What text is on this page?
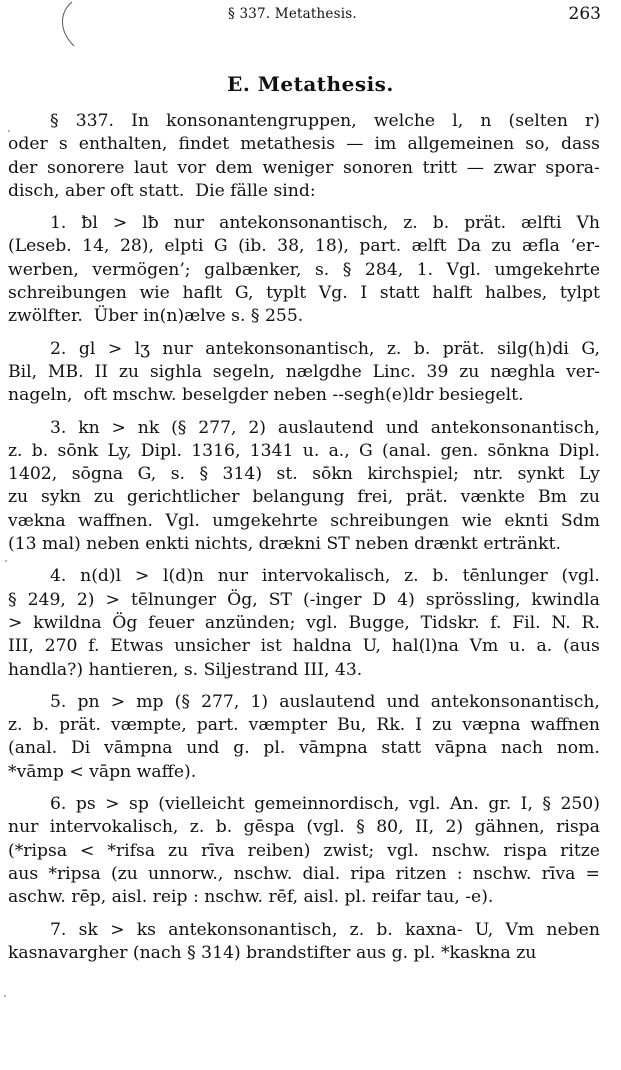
§ 337. Metathesis.	263
E. Metathesis.
§ 337. In konsonantengruppen, welche l, n (selten r)
oder s enthalten, findet metathesis — im allgemeinen so, dass
der sonorere laut vor dem weniger sonoren tritt — zwar spora-
disch, aber oft statt.  Die fälle sind:
1. ƀl > lƀ nur antekonsonantisch, z. b. prät. ælfti Vh
(Leseb. 14, 28), elpti G (ib. 38, 18), part. ælft Da zu æfla ‘er-
werben, vermögen’; galbænker, s. § 284, 1. Vgl. umgekehrte
schreibungen wie haflt G, typlt Vg. I statt halft halbes, tylpt
zwölfter.  Über in(n)ælve s. § 255.
2. gl > lʒ nur antekonsonantisch, z. b. prät. silg(h)di G,
Bil, MB. II zu sighla segeln, nælgdhe Linc. 39 zu næghla ver-
nageln,  oft mschw. beselgder neben --segh(e)ldr besiegelt.
3. kn > nk (§ 277, 2) auslautend und antekonsonantisch,
z. b. sōnk Ly, Dipl. 1316, 1341 u. a., G (anal. gen. sōnkna Dipl.
1402, sōgna G, s. § 314) st. sōkn kirchspiel; ntr. synkt Ly
zu sykn zu gerichtlicher belangung frei, prät. vænkte Bm zu
vækna waffnen. Vgl. umgekehrte schreibungen wie eknti Sdm
(13 mal) neben enkti nichts, drækni ST neben drænkt ertränkt.
4. n(d)l > l(d)n nur intervokalisch, z. b. tēnlunger (vgl.
§ 249, 2) > tēlnunger Ög, ST (-inger D 4) sprössling, kwindla
> kwildna Ög feuer anzünden; vgl. Bugge, Tidskr. f. Fil. N. R.
III, 270 f. Etwas unsicher ist haldna U, hal(l)na Vm u. a. (aus
handla?) hantieren, s. Siljestrand III, 43.
5. pn > mp (§ 277, 1) auslautend und antekonsonantisch,
z. b. prät. væmpte, part. væmpter Bu, Rk. I zu væpna waffnen
(anal. Di vāmpna und g. pl. vāmpna statt vāpna nach nom.
*vāmp < vāpn waffe).
6. ps > sp (vielleicht gemeinnordisch, vgl. An. gr. I, § 250)
nur intervokalisch, z. b. gēspa (vgl. § 80, II, 2) gähnen, rispa
(*ripsa < *rifsa zu rīva reiben) zwist; vgl. nschw. rispa ritze
aus *ripsa (zu unnorw., nschw. dial. ripa ritzen : nschw. rīva =
aschw. rēp, aisl. reip : nschw. rēf, aisl. pl. reifar tau, -e).
7. sk > ks antekonsonantisch, z. b. kaxna- U, Vm neben
kasnavargher (nach § 314) brandstifter aus g. pl. *kaskna zu
